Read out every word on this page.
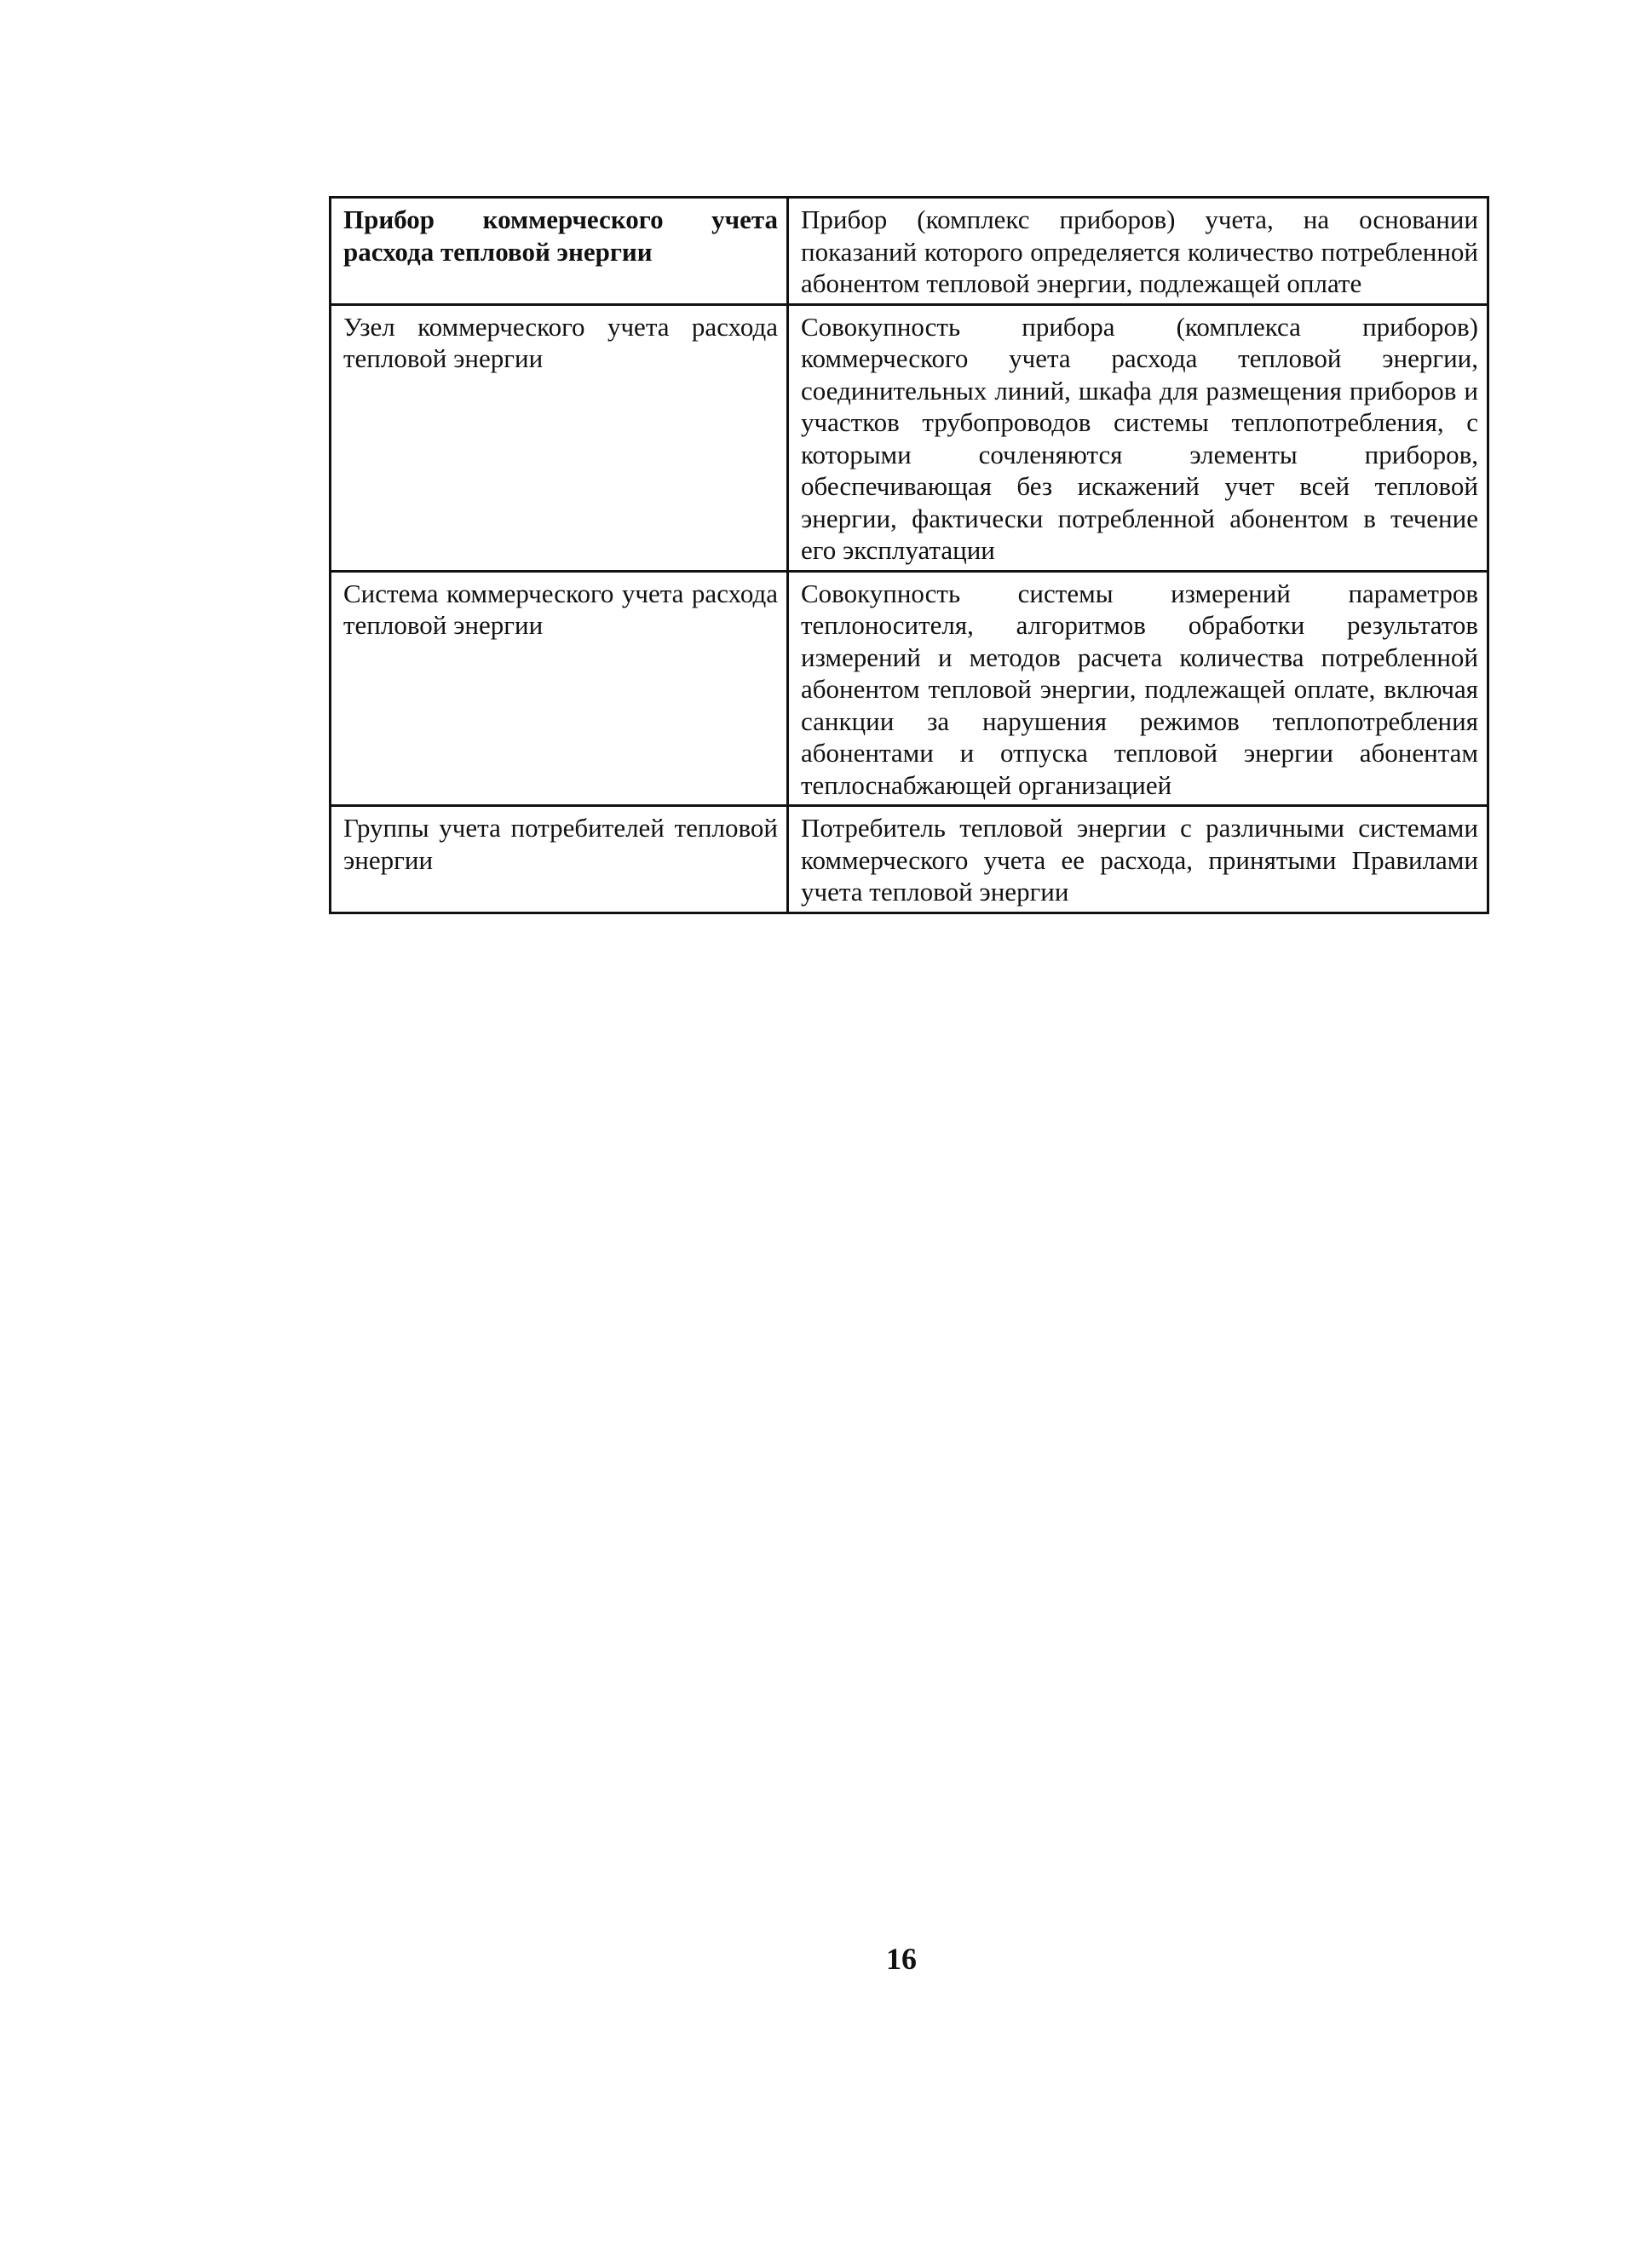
Прибор коммерческого учета расхода тепловой энергии	Прибор (комплекс приборов) учета, на основании показаний которого определяется количество потребленной абонентом тепловой энергии, подлежащей оплате
Узел коммерческого учета расхода тепловой энергии	Совокупность прибора (комплекса приборов) коммерческого учета расхода тепловой энергии, соединительных линий, шкафа для размещения приборов и участков трубопроводов системы теплопотребления, с которыми сочленяются элементы приборов, обеспечивающая без искажений учет всей тепловой энергии, фактически потребленной абонентом в течение его эксплуатации
Система коммерческого учета расхода тепловой энергии	Совокупность системы измерений параметров теплоносителя, алгоритмов обработки результатов измерений и методов расчета количества потребленной абонентом тепловой энергии, подлежащей оплате, включая санкции за нарушения режимов теплопотребления абонентами и отпуска тепловой энергии абонентам теплоснабжающей организацией
Группы учета потребителей тепловой энергии	Потребитель тепловой энергии с различными системами коммерческого учета ее расхода, принятыми Правилами учета тепловой энергии
16
